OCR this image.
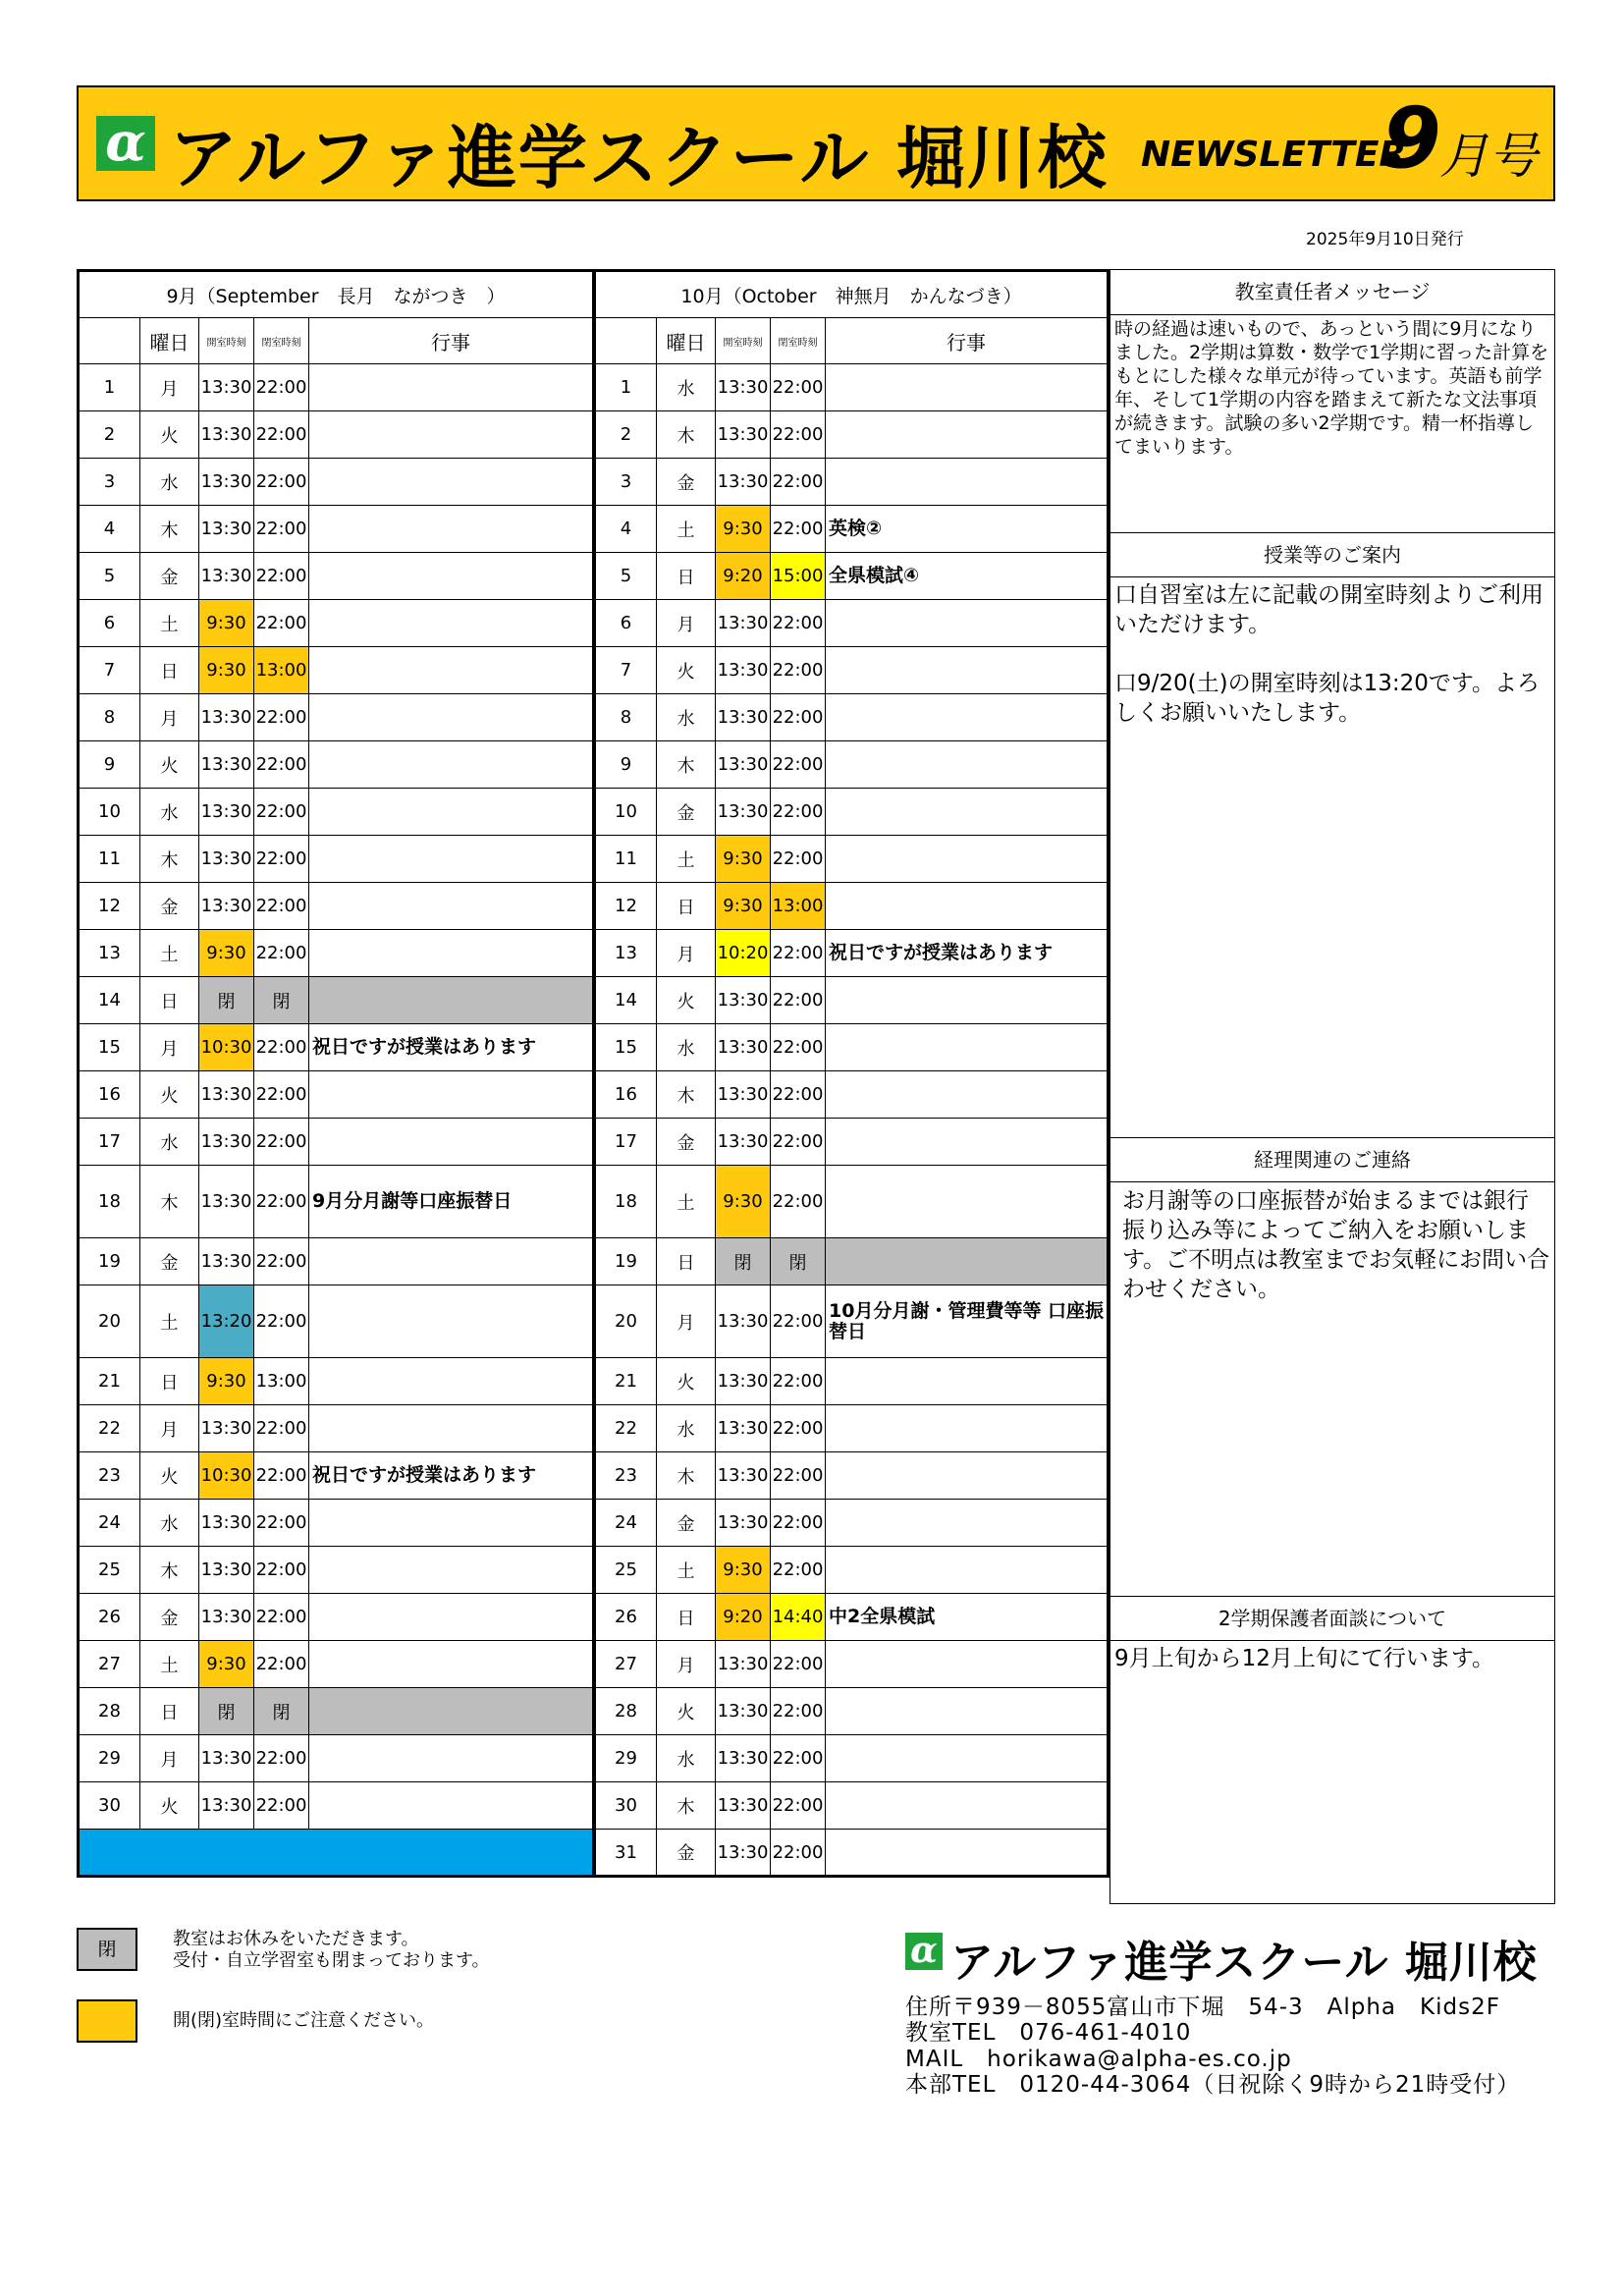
α アルファ進学スクール 堀川校 NEWSLETTER
9
月号
2025年9月10日発行
9月（September　長月　ながつき　）				
	曜日	開室時刻	閉室時刻	行事
1	月	13:30	22:00	
2	火	13:30	22:00	
3	水	13:30	22:00	
4	木	13:30	22:00	
5	金	13:30	22:00	
6	土	9:30	22:00	
7	日	9:30	13:00	
8	月	13:30	22:00	
9	火	13:30	22:00	
10	水	13:30	22:00	
11	木	13:30	22:00	
12	金	13:30	22:00	
13	土	9:30	22:00	
14	日	閉	閉	
15	月	10:30	22:00	祝日ですが授業はあります
16	火	13:30	22:00	
17	水	13:30	22:00	
18	木	13:30	22:00	9月分月謝等口座振替日
19	金	13:30	22:00	
20	土	13:20	22:00	
21	日	9:30	13:00	
22	月	13:30	22:00	
23	火	10:30	22:00	祝日ですが授業はあります
24	水	13:30	22:00	
25	木	13:30	22:00	
26	金	13:30	22:00	
27	土	9:30	22:00	
28	日	閉	閉	
29	月	13:30	22:00	
30	火	13:30	22:00	

10月（October　神無月　かんなづき）				
	曜日	開室時刻	閉室時刻	行事
1	水	13:30	22:00	
2	木	13:30	22:00	
3	金	13:30	22:00	
4	土	9:30	22:00	英検②
5	日	9:20	15:00	全県模試④
6	月	13:30	22:00	
7	火	13:30	22:00	
8	水	13:30	22:00	
9	木	13:30	22:00	
10	金	13:30	22:00	
11	土	9:30	22:00	
12	日	9:30	13:00	
13	月	10:20	22:00	祝日ですが授業はあります
14	火	13:30	22:00	
15	水	13:30	22:00	
16	木	13:30	22:00	
17	金	13:30	22:00	
18	土	9:30	22:00	
19	日	閉	閉	
20	月	13:30	22:00	10月分月謝・管理費等等 口座振替日
21	火	13:30	22:00	
22	水	13:30	22:00	
23	木	13:30	22:00	
24	金	13:30	22:00	
25	土	9:30	22:00	
26	日	9:20	14:40	中2全県模試
27	月	13:30	22:00	
28	火	13:30	22:00	
29	水	13:30	22:00	
30	木	13:30	22:00	
31	金	13:30	22:00	
教室責任者メッセージ
時の経過は速いもので、あっという間に9月になりました。2学期は算数・数学で1学期に習った計算をもとにした様々な単元が待っています。英語も前学年、そして1学期の内容を踏まえて新たな文法事項が続きます。試験の多い2学期です。精一杯指導してまいります。
授業等のご案内
口自習室は左に記載の開室時刻よりご利用いただけます。
口9/20(土)の開室時刻は13:20です。よろしくお願いいたします。
経理関連のご連絡
お月謝等の口座振替が始まるまでは銀行振り込み等によってご納入をお願いします。ご不明点は教室までお気軽にお問い合わせください。
2学期保護者面談について
9月上旬から12月上旬にて行います。
閉	教室はお休みをいただきます。
受付・自立学習室も閉まっております。
開(閉)室時間にご注意ください。
α アルファ進学スクール 堀川校
住所〒939－8055富山市下堀　54-3　Alpha　Kids2F
教室TEL　076-461-4010
MAIL　horikawa@alpha-es.co.jp
本部TEL　0120-44-3064（日祝除く9時から21時受付）
